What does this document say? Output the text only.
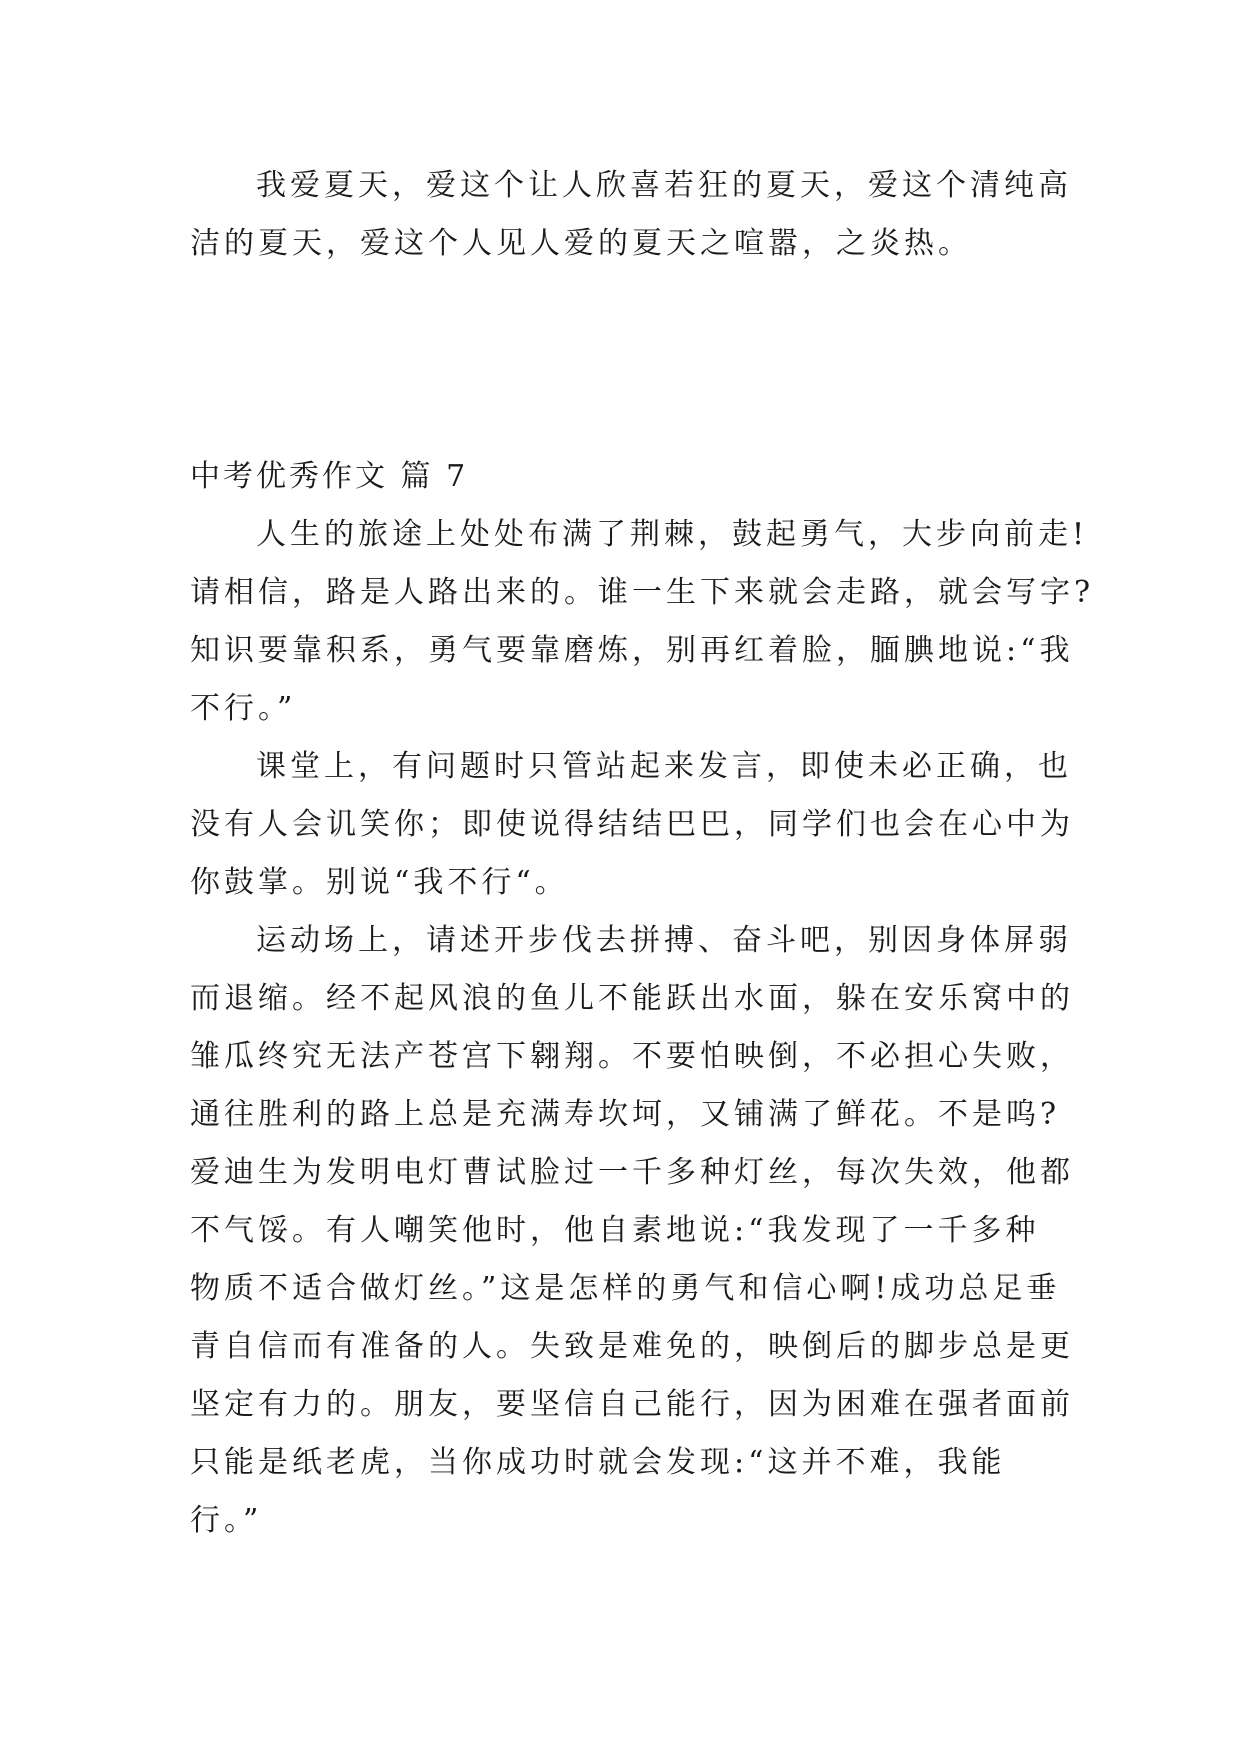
我爱夏天，爱这个让人欣喜若狂的夏天，爱这个清纯高
洁的夏天，爱这个人见人爱的夏天之喧嚣，之炎热。
中考优秀作文 篇 7
人生的旅途上处处布满了荆棘，鼓起勇气，大步向前走!
请相信，路是人路出来的。谁一生下来就会走路，就会写字?
知识要靠积系，勇气要靠磨炼，别再红着脸，腼腆地说:“我
不行。”
课堂上，有问题时只管站起来发言，即使未必正确，也
没有人会讥笑你；即使说得结结巴巴，同学们也会在心中为
你鼓掌。别说“我不行“。
运动场上，请述开步伐去拼搏、奋斗吧，别因身体屏弱
而退缩。经不起风浪的鱼儿不能跃出水面，躲在安乐窝中的
雏瓜终究无法产苍宫下翱翔。不要怕映倒，不必担心失败，
通往胜利的路上总是充满寿坎坷，又铺满了鲜花。不是呜?
爱迪生为发明电灯曹试脸过一千多种灯丝，每次失效，他都
不气馁。有人嘲笑他时，他自素地说:“我发现了一千多种
物质不适合做灯丝。”这是怎样的勇气和信心啊!成功总足垂
青自信而有准备的人。失致是难免的，映倒后的脚步总是更
坚定有力的。朋友，要坚信自己能行，因为困难在强者面前
只能是纸老虎，当你成功时就会发现:“这并不难，我能
行。”
